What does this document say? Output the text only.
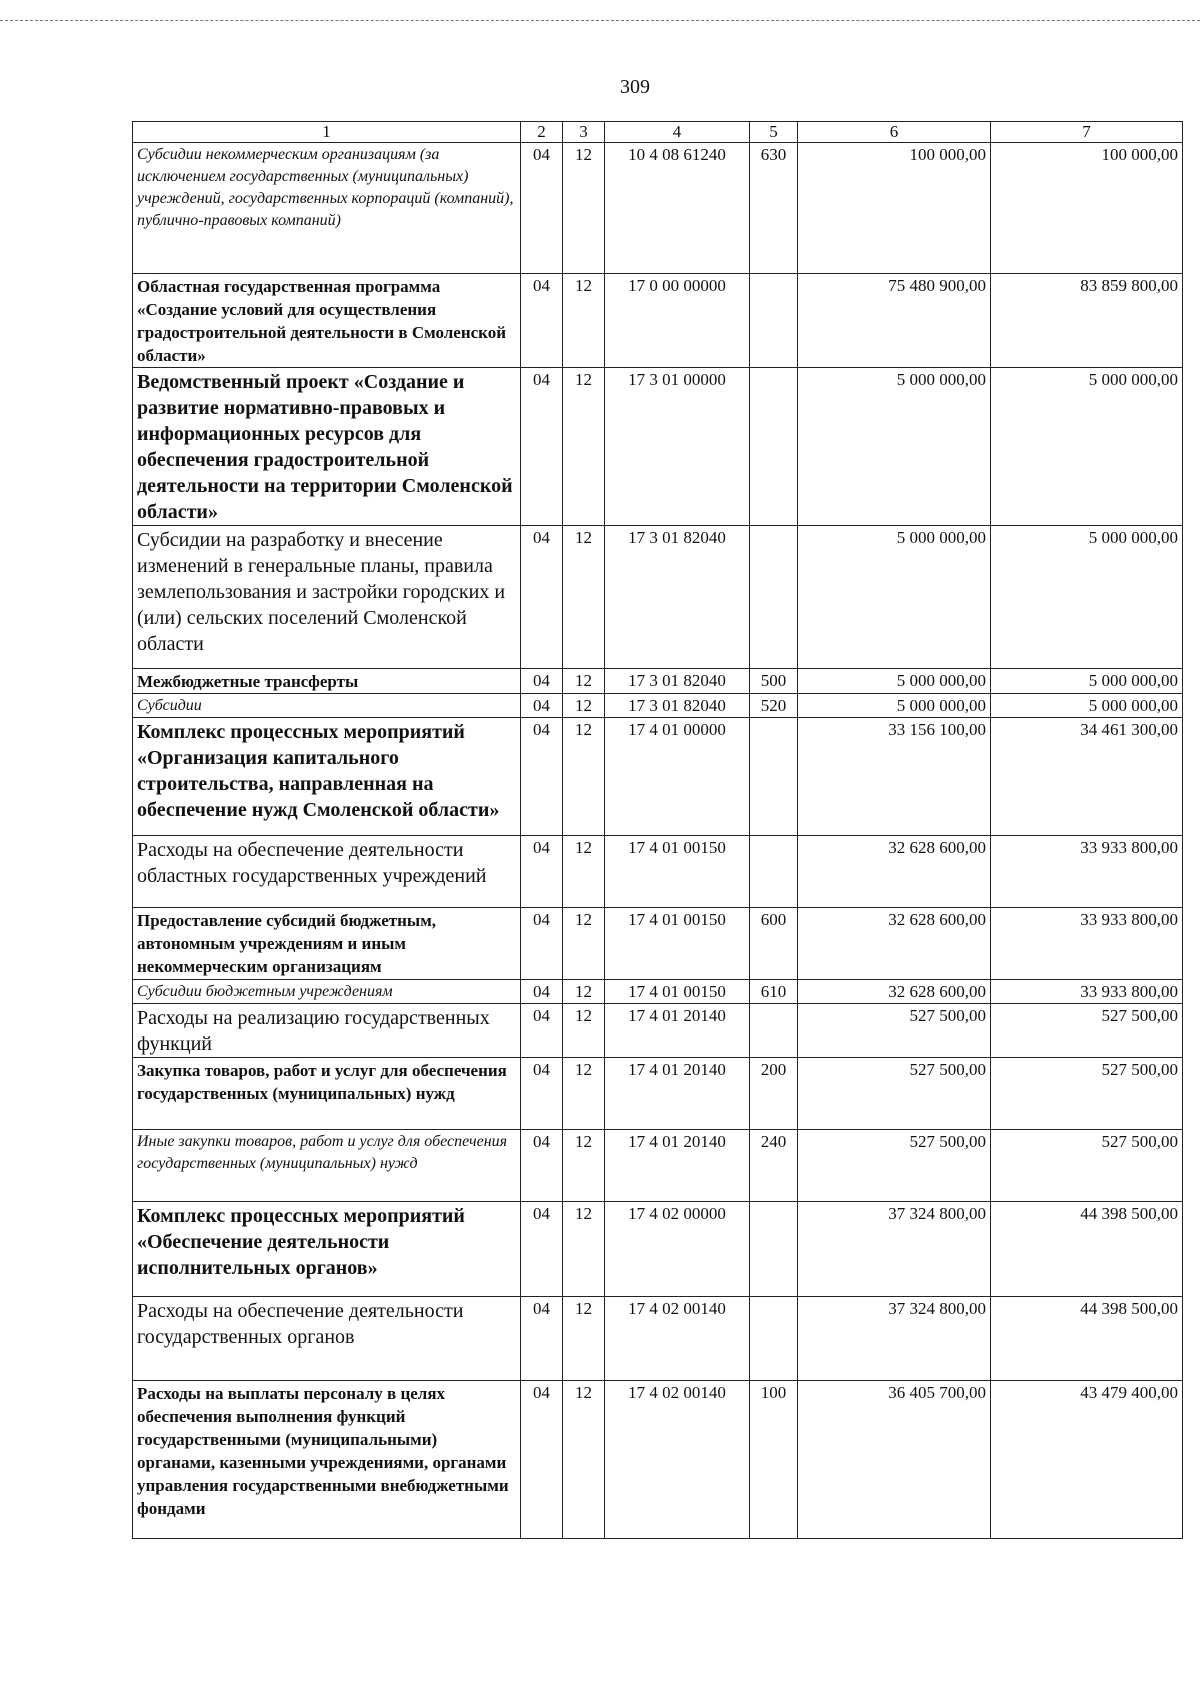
309
1	2	3	4	5	6	7
Субсидии некоммерческим организациям (за исключением государственных (муниципальных) учреждений, государственных корпораций (компаний), публично-правовых компаний)	04	12	10 4 08 61240	630	100 000,00	100 000,00
Областная государственная программа «Создание условий для осуществления градостроительной деятельности в Смоленской области»	04	12	17 0 00 00000		75 480 900,00	83 859 800,00
Ведомственный проект «Создание и развитие нормативно-правовых и информационных ресурсов для обеспечения градостроительной деятельности на территории Смоленской области»	04	12	17 3 01 00000		5 000 000,00	5 000 000,00
Субсидии на разработку и внесение изменений в генеральные планы, правила землепользования и застройки городских и (или) сельских поселений Смоленской области	04	12	17 3 01 82040		5 000 000,00	5 000 000,00
Межбюджетные трансферты	04	12	17 3 01 82040	500	5 000 000,00	5 000 000,00
Субсидии	04	12	17 3 01 82040	520	5 000 000,00	5 000 000,00
Комплекс процессных мероприятий «Организация капитального строительства, направленная на обеспечение нужд Смоленской области»	04	12	17 4 01 00000		33 156 100,00	34 461 300,00
Расходы на обеспечение деятельности областных государственных учреждений	04	12	17 4 01 00150		32 628 600,00	33 933 800,00
Предоставление субсидий бюджетным, автономным учреждениям и иным некоммерческим организациям	04	12	17 4 01 00150	600	32 628 600,00	33 933 800,00
Субсидии бюджетным учреждениям	04	12	17 4 01 00150	610	32 628 600,00	33 933 800,00
Расходы на реализацию государственных функций	04	12	17 4 01 20140		527 500,00	527 500,00
Закупка товаров, работ и услуг для обеспечения государственных (муниципальных) нужд	04	12	17 4 01 20140	200	527 500,00	527 500,00
Иные закупки товаров, работ и услуг для обеспечения государственных (муниципальных) нужд	04	12	17 4 01 20140	240	527 500,00	527 500,00
Комплекс процессных мероприятий «Обеспечение деятельности исполнительных органов»	04	12	17 4 02 00000		37 324 800,00	44 398 500,00
Расходы на обеспечение деятельности государственных органов	04	12	17 4 02 00140		37 324 800,00	44 398 500,00
Расходы на выплаты персоналу в целях обеспечения выполнения функций государственными (муниципальными) органами, казенными учреждениями, органами управления государственными внебюджетными фондами	04	12	17 4 02 00140	100	36 405 700,00	43 479 400,00
